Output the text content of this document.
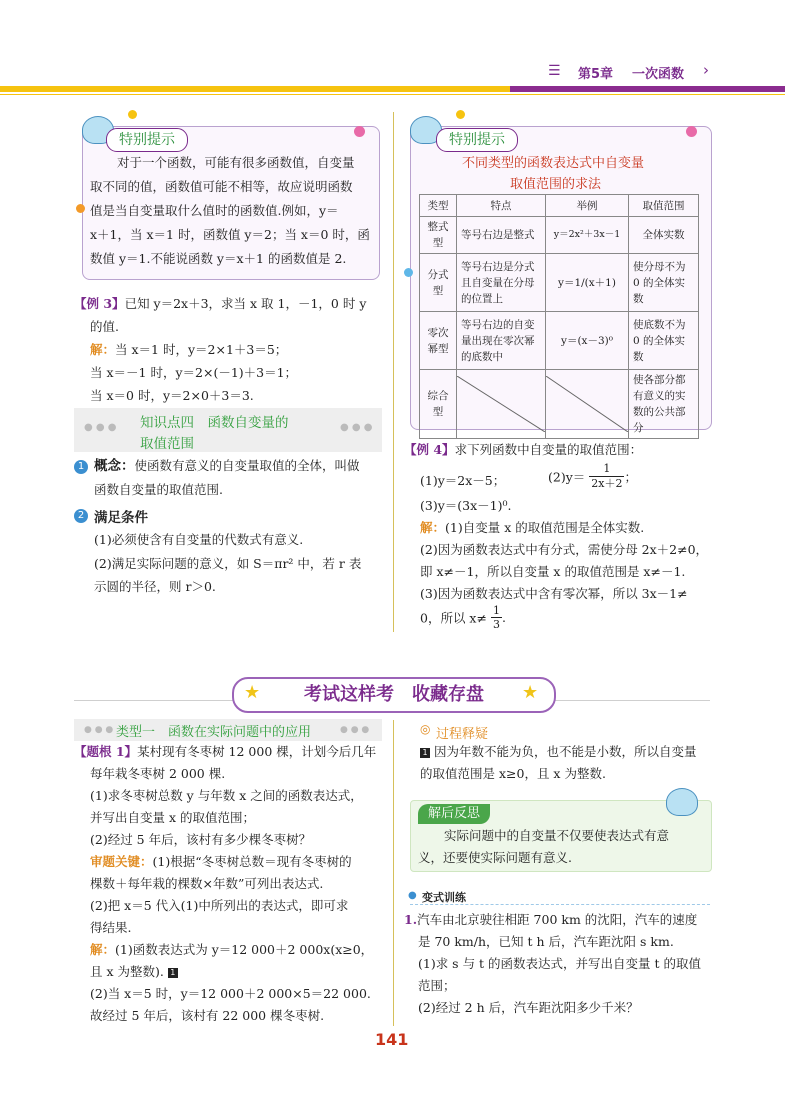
☰ 第5章 一次函数 ›
特别提示
对于一个函数，可能有很多函数值，自变量
取不同的值，函数值可能不相等，故应说明函数
值是当自变量取什么值时的函数值.例如，y＝
x＋1，当 x＝1 时，函数值 y＝2；当 x＝0 时，函
数值 y＝1.不能说函数 y＝x＋1 的函数值是 2.
【例 3】已知 y＝2x＋3，求当 x 取 1，－1，0 时 y
的值.
解：当 x＝1 时，y＝2×1＋3＝5；
当 x＝－1 时，y＝2×(－1)＋3＝1；
当 x＝0 时，y＝2×0＋3＝3.
● ● ●	● ● ●
知识点四　函数自变量的
取值范围
1 概念：使函数有意义的自变量取值的全体，叫做
函数自变量的取值范围.
2 满足条件
(1)必须使含有自变量的代数式有意义.
(2)满足实际问题的意义，如 S＝πr² 中，若 r 表
示圆的半径，则 r＞0.
特别提示
不同类型的函数表达式中自变量
取值范围的求法
类型	特点	举例	取值范围
整式型	等号右边是整式	y＝2x²＋3x－1	全体实数
分式型	等号右边是分式且自变量在分母的位置上	y＝1/(x＋1)	使分母不为 0 的全体实数
零次幂型	等号右边的自变量出现在零次幂的底数中	y＝(x－3)⁰	使底数不为 0 的全体实数
综合型			使各部分都有意义的实数的公共部分
【例 4】求下列函数中自变量的取值范围：
(1)y＝2x－5；	$(2)y= \frac{1}{2x+2}$ ；
(3)y＝(3x－1)⁰.
解：(1)自变量 x 的取值范围是全体实数.
(2)因为函数表达式中有分式，需使分母 2x＋2≠0，
即 x≠－1，所以自变量 x 的取值范围是 x≠－1.
(3)因为函数表达式中含有零次幂，所以 3x－1≠
0，所以 $x\ne \frac{1}{3}$ .
考试这样考　收藏存盘
★	★
● ● ●	● ● ●
类型一　函数在实际问题中的应用
【题根 1】某村现有冬枣树 12 000 棵，计划今后几年
每年栽冬枣树 2 000 棵.
(1)求冬枣树总数 y 与年数 x 之间的函数表达式，
并写出自变量 x 的取值范围；
(2)经过 5 年后，该村有多少棵冬枣树？
审题关键：(1)根据“冬枣树总数＝现有冬枣树的
棵数＋每年栽的棵数×年数”可列出表达式.
(2)把 x＝5 代入(1)中所列出的表达式，即可求
得结果.
解：(1)函数表达式为 y＝12 000＋2 000x(x≥0，
且 x 为整数). 1
(2)当 x＝5 时，y＝12 000＋2 000×5＝22 000.
故经过 5 年后，该村有 22 000 棵冬枣树.
◎ 过程释疑
1 因为年数不能为负，也不能是小数，所以自变量
的取值范围是 x≥0，且 x 为整数.
解后反思
实际问题中的自变量不仅要使表达式有意
义，还要使实际问题有意义.
● 变式训练
1.汽车由北京驶往相距 700 km 的沈阳，汽车的速度
是 70 km/h，已知 t h 后，汽车距沈阳 s km.
(1)求 s 与 t 的函数表达式，并写出自变量 t 的取值
范围；
(2)经过 2 h 后，汽车距沈阳多少千米？
141
